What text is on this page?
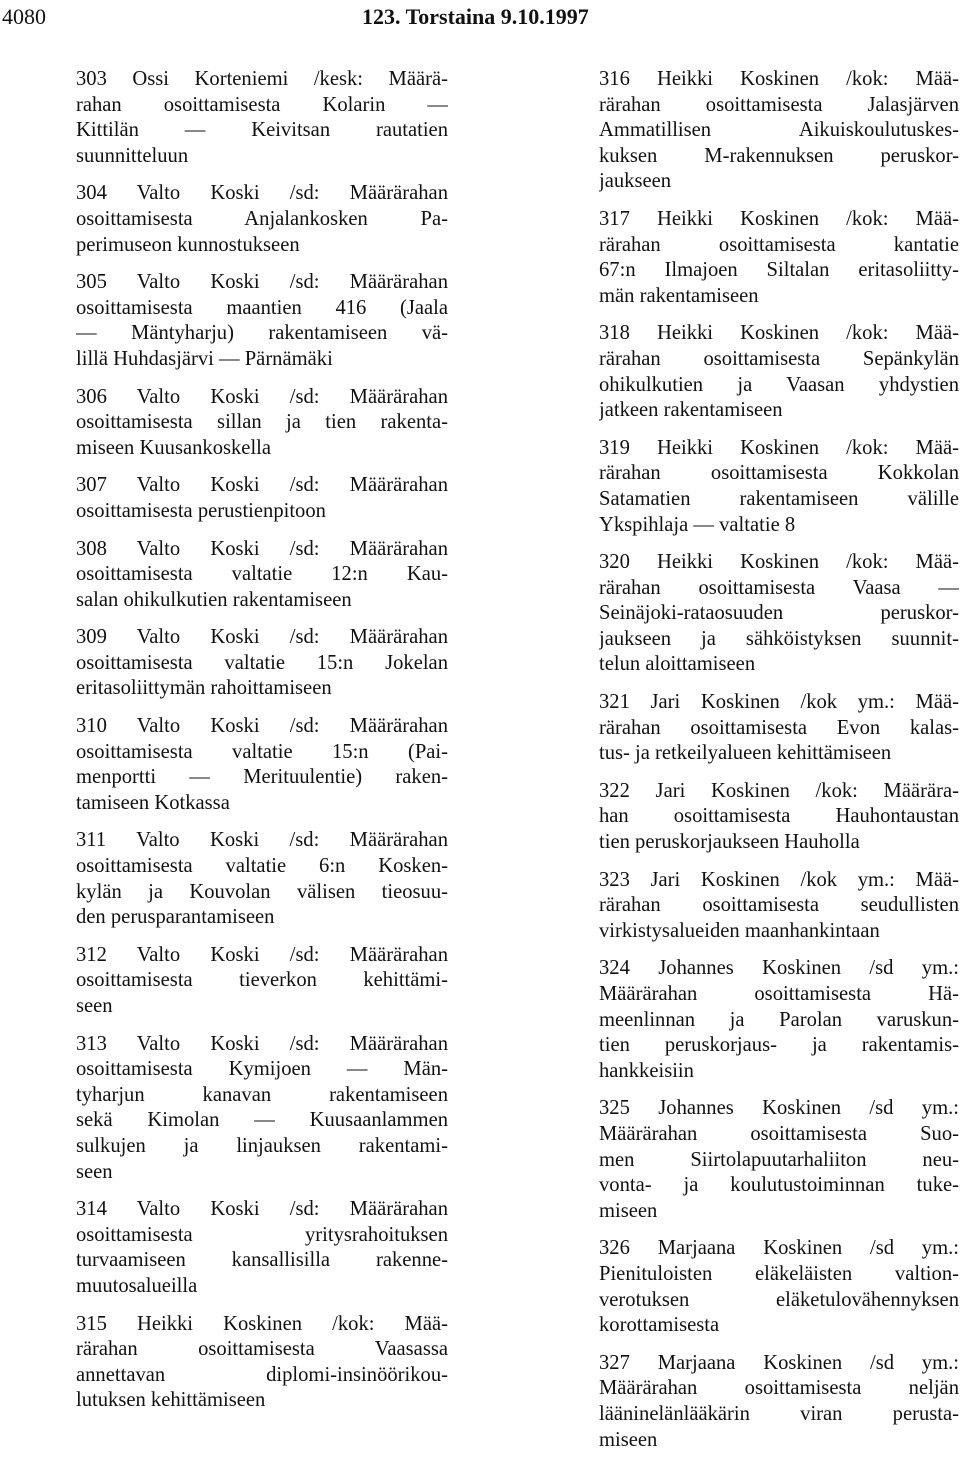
4080	123. Torstaina 9.10.1997
303 Ossi Korteniemi /kesk: Määrä-
rahan osoittamisesta Kolarin —
Kittilän — Keivitsan rautatien
suunnitteluun
304 Valto Koski /sd: Määrärahan
osoittamisesta Anjalankosken Pa-
perimuseon kunnostukseen
305 Valto Koski /sd: Määrärahan
osoittamisesta maantien 416 (Jaala
— Mäntyharju) rakentamiseen vä-
lillä Huhdasjärvi — Pärnämäki
306 Valto Koski /sd: Määrärahan
osoittamisesta sillan ja tien rakenta-
miseen Kuusankoskella
307 Valto Koski /sd: Määrärahan
osoittamisesta perustienpitoon
308 Valto Koski /sd: Määrärahan
osoittamisesta valtatie 12:n Kau-
salan ohikulkutien rakentamiseen
309 Valto Koski /sd: Määrärahan
osoittamisesta valtatie 15:n Jokelan
eritasoliittymän rahoittamiseen
310 Valto Koski /sd: Määrärahan
osoittamisesta valtatie 15:n (Pai-
menportti — Merituulentie) raken-
tamiseen Kotkassa
311 Valto Koski /sd: Määrärahan
osoittamisesta valtatie 6:n Kosken-
kylän ja Kouvolan välisen tieosuu-
den perusparantamiseen
312 Valto Koski /sd: Määrärahan
osoittamisesta tieverkon kehittämi-
seen
313 Valto Koski /sd: Määrärahan
osoittamisesta Kymijoen — Män-
tyharjun kanavan rakentamiseen
sekä Kimolan — Kuusaanlammen
sulkujen ja linjauksen rakentami-
seen
314 Valto Koski /sd: Määrärahan
osoittamisesta yritysrahoituksen
turvaamiseen kansallisilla rakenne-
muutosalueilla
315 Heikki Koskinen /kok: Mää-
rärahan osoittamisesta Vaasassa
annettavan diplomi-insinöörikou-
lutuksen kehittämiseen
316 Heikki Koskinen /kok: Mää-
rärahan osoittamisesta Jalasjärven
Ammatillisen Aikuiskoulutuskes-
kuksen M-rakennuksen peruskor-
jaukseen
317 Heikki Koskinen /kok: Mää-
rärahan osoittamisesta kantatie
67:n Ilmajoen Siltalan eritasoliitty-
män rakentamiseen
318 Heikki Koskinen /kok: Mää-
rärahan osoittamisesta Sepänkylän
ohikulkutien ja Vaasan yhdystien
jatkeen rakentamiseen
319 Heikki Koskinen /kok: Mää-
rärahan osoittamisesta Kokkolan
Satamatien rakentamiseen välille
Ykspihlaja — valtatie 8
320 Heikki Koskinen /kok: Mää-
rärahan osoittamisesta Vaasa —
Seinäjoki-rataosuuden peruskor-
jaukseen ja sähköistyksen suunnit-
telun aloittamiseen
321 Jari Koskinen /kok ym.: Mää-
rärahan osoittamisesta Evon kalas-
tus- ja retkeilyalueen kehittämiseen
322 Jari Koskinen /kok: Määrära-
han osoittamisesta Hauhontaustan
tien peruskorjaukseen Hauholla
323 Jari Koskinen /kok ym.: Mää-
rärahan osoittamisesta seudullisten
virkistysalueiden maanhankintaan
324 Johannes Koskinen /sd ym.:
Määrärahan osoittamisesta Hä-
meenlinnan ja Parolan varuskun-
tien peruskorjaus- ja rakentamis-
hankkeisiin
325 Johannes Koskinen /sd ym.:
Määrärahan osoittamisesta Suo-
men Siirtolapuutarhaliiton neu-
vonta- ja koulutustoiminnan tuke-
miseen
326 Marjaana Koskinen /sd ym.:
Pienituloisten eläkeläisten valtion-
verotuksen eläketulovähennyksen
korottamisesta
327 Marjaana Koskinen /sd ym.:
Määrärahan osoittamisesta neljän
lääninelänlääkärin viran perusta-
miseen
